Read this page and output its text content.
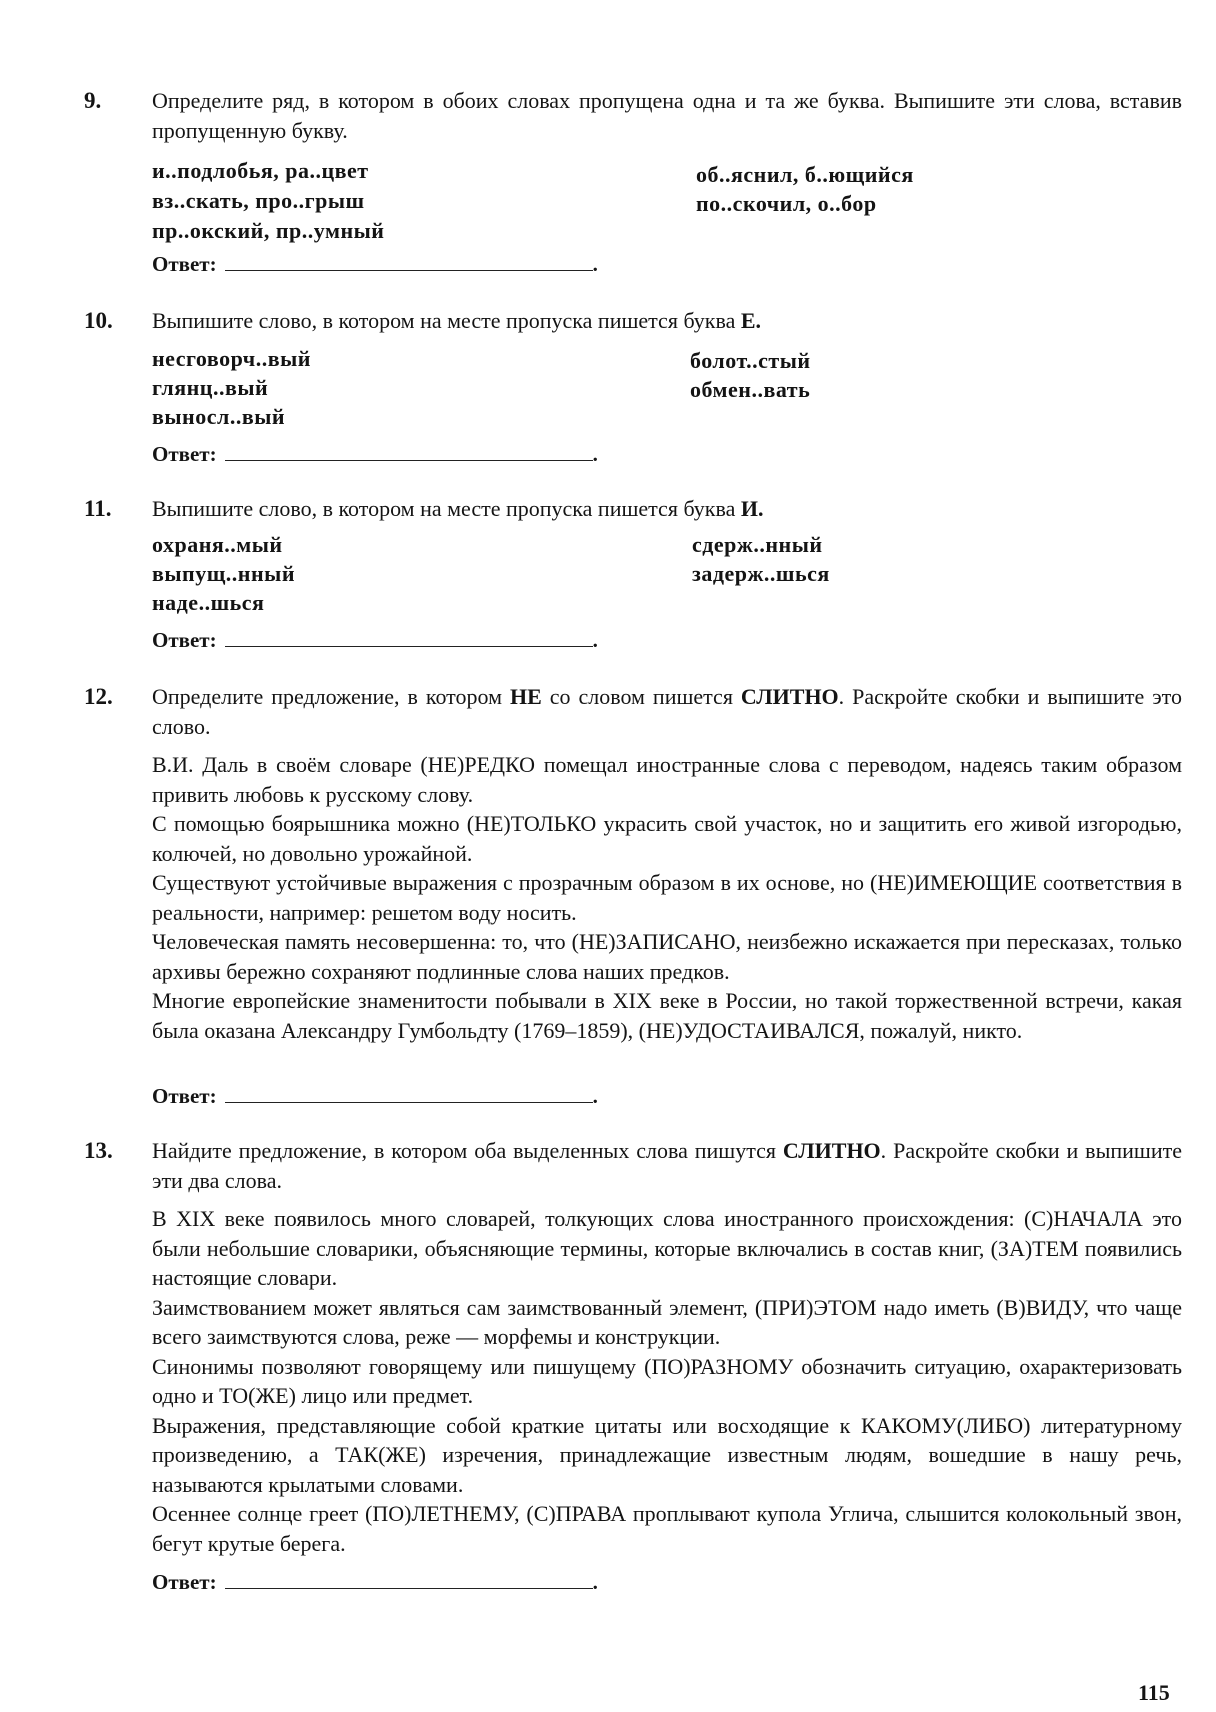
9. Определите ряд, в котором в обоих словах пропущена одна и та же буква. Выпишите эти слова, вставив пропущенную букву.
и..подлобья, ра..цвет
вз..скать, про..грыш
пр..окский, пр..умный
об..яснил, б..ющийся
по..скочил, о..бор
Ответ:	.
10. Выпишите слово, в котором на месте пропуска пишется буква Е.
несговорч..вый
глянц..вый
выносл..вый
болот..стый
обмен..вать
Ответ:	.
11. Выпишите слово, в котором на месте пропуска пишется буква И.
охраня..мый
выпущ..нный
наде..шься
сдерж..нный
задерж..шься
Ответ:	.
12. Определите предложение, в котором НЕ со словом пишется СЛИТНО. Раскройте скобки и выпишите это слово.

В.И. Даль в своём словаре (НЕ)РЕДКО помещал иностранные слова с переводом, надеясь таким образом привить любовь к русскому слову.

С помощью боярышника можно (НЕ)ТОЛЬКО украсить свой участок, но и защитить его живой изгородью, колючей, но довольно урожайной.

Существуют устойчивые выражения с прозрачным образом в их основе, но (НЕ)ИМЕЮЩИЕ соответствия в реальности, например: решетом воду носить.

Человеческая память несовершенна: то, что (НЕ)ЗАПИСАНО, неизбежно искажается при пересказах, только архивы бережно сохраняют подлинные слова наших предков.

Многие европейские знаменитости побывали в XIX веке в России, но такой торжественной встречи, какая была оказана Александру Гумбольдту (1769–1859), (НЕ)УДОСТАИВАЛСЯ, пожалуй, никто.

Ответ:	.
13. Найдите предложение, в котором оба выделенных слова пишутся СЛИТНО. Раскройте скобки и выпишите эти два слова.

В XIX веке появилось много словарей, толкующих слова иностранного происхождения: (С)НАЧАЛА это были небольшие словарики, объясняющие термины, которые включались в состав книг, (ЗА)ТЕМ появились настоящие словари.

Заимствованием может являться сам заимствованный элемент, (ПРИ)ЭТОМ надо иметь (В)ВИДУ, что чаще всего заимствуются слова, реже — морфемы и конструкции.

Синонимы позволяют говорящему или пишущему (ПО)РАЗНОМУ обозначить ситуацию, охарактеризовать одно и ТО(ЖЕ) лицо или предмет.

Выражения, представляющие собой краткие цитаты или восходящие к КАКОМУ(ЛИБО) литературному произведению, а ТАК(ЖЕ) изречения, принадлежащие известным людям, вошедшие в нашу речь, называются крылатыми словами.

Осеннее солнце греет (ПО)ЛЕТНЕМУ, (С)ПРАВА проплывают купола Углича, слышится колокольный звон, бегут крутые берега.

Ответ:	.
115
